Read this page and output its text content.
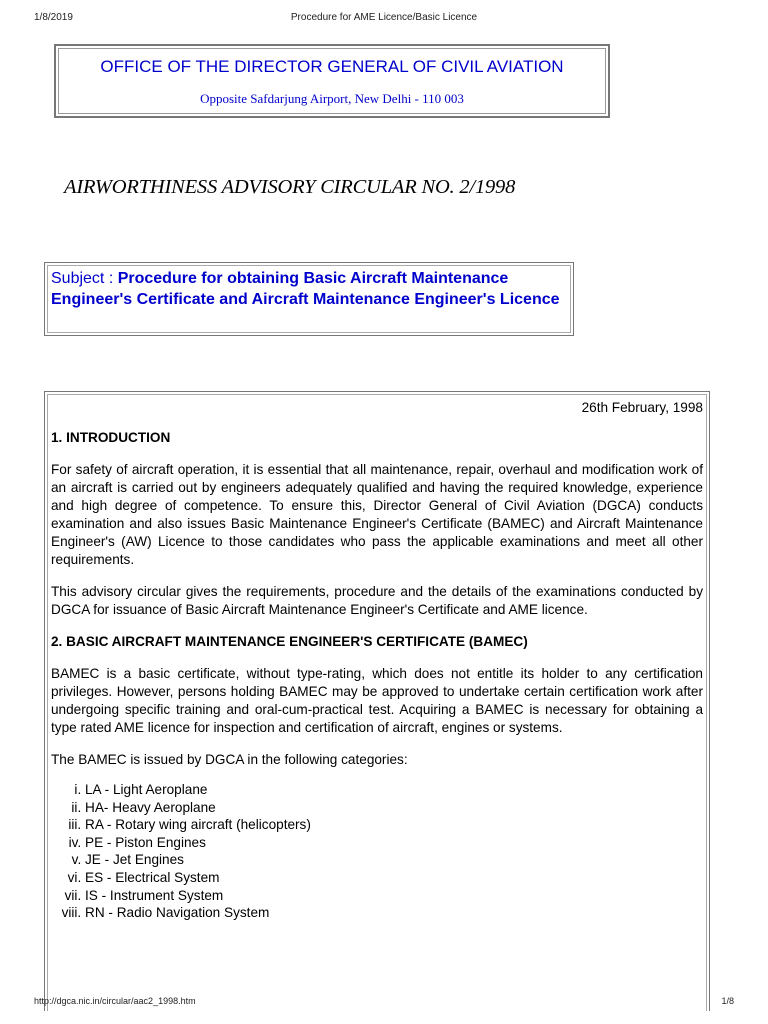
1/8/2019	Procedure for AME Licence/Basic Licence
OFFICE OF THE DIRECTOR GENERAL OF CIVIL AVIATION
Opposite Safdarjung Airport, New Delhi - 110 003
AIRWORTHINESS ADVISORY CIRCULAR NO. 2/1998
Subject : Procedure for obtaining Basic Aircraft Maintenance Engineer's Certificate and Aircraft Maintenance Engineer's Licence
26th February, 1998
1. INTRODUCTION

For safety of aircraft operation, it is essential that all maintenance, repair, overhaul and modification work of an aircraft is carried out by engineers adequately qualified and having the required knowledge, experience and high degree of competence. To ensure this, Director General of Civil Aviation (DGCA) conducts examination and also issues Basic Maintenance Engineer's Certificate (BAMEC) and Aircraft Maintenance Engineer's (AW) Licence to those candidates who pass the applicable examinations and meet all other requirements.

This advisory circular gives the requirements, procedure and the details of the examinations conducted by DGCA for issuance of Basic Aircraft Maintenance Engineer's Certificate and AME licence.

2. BASIC AIRCRAFT MAINTENANCE ENGINEER'S CERTIFICATE (BAMEC)

BAMEC is a basic certificate, without type-rating, which does not entitle its holder to any certification privileges. However, persons holding BAMEC may be approved to undertake certain certification work after undergoing specific training and oral-cum-practical test. Acquiring a BAMEC is necessary for obtaining a type rated AME licence for inspection and certification of aircraft, engines or systems.

The BAMEC is issued by DGCA in the following categories:

i. LA - Light Aeroplane
ii. HA- Heavy Aeroplane
iii. RA - Rotary wing aircraft (helicopters)
iv. PE - Piston Engines
v. JE - Jet Engines
vi. ES - Electrical System
vii. IS - Instrument System
viii. RN - Radio Navigation System
http://dgca.nic.in/circular/aac2_1998.htm	1/8
